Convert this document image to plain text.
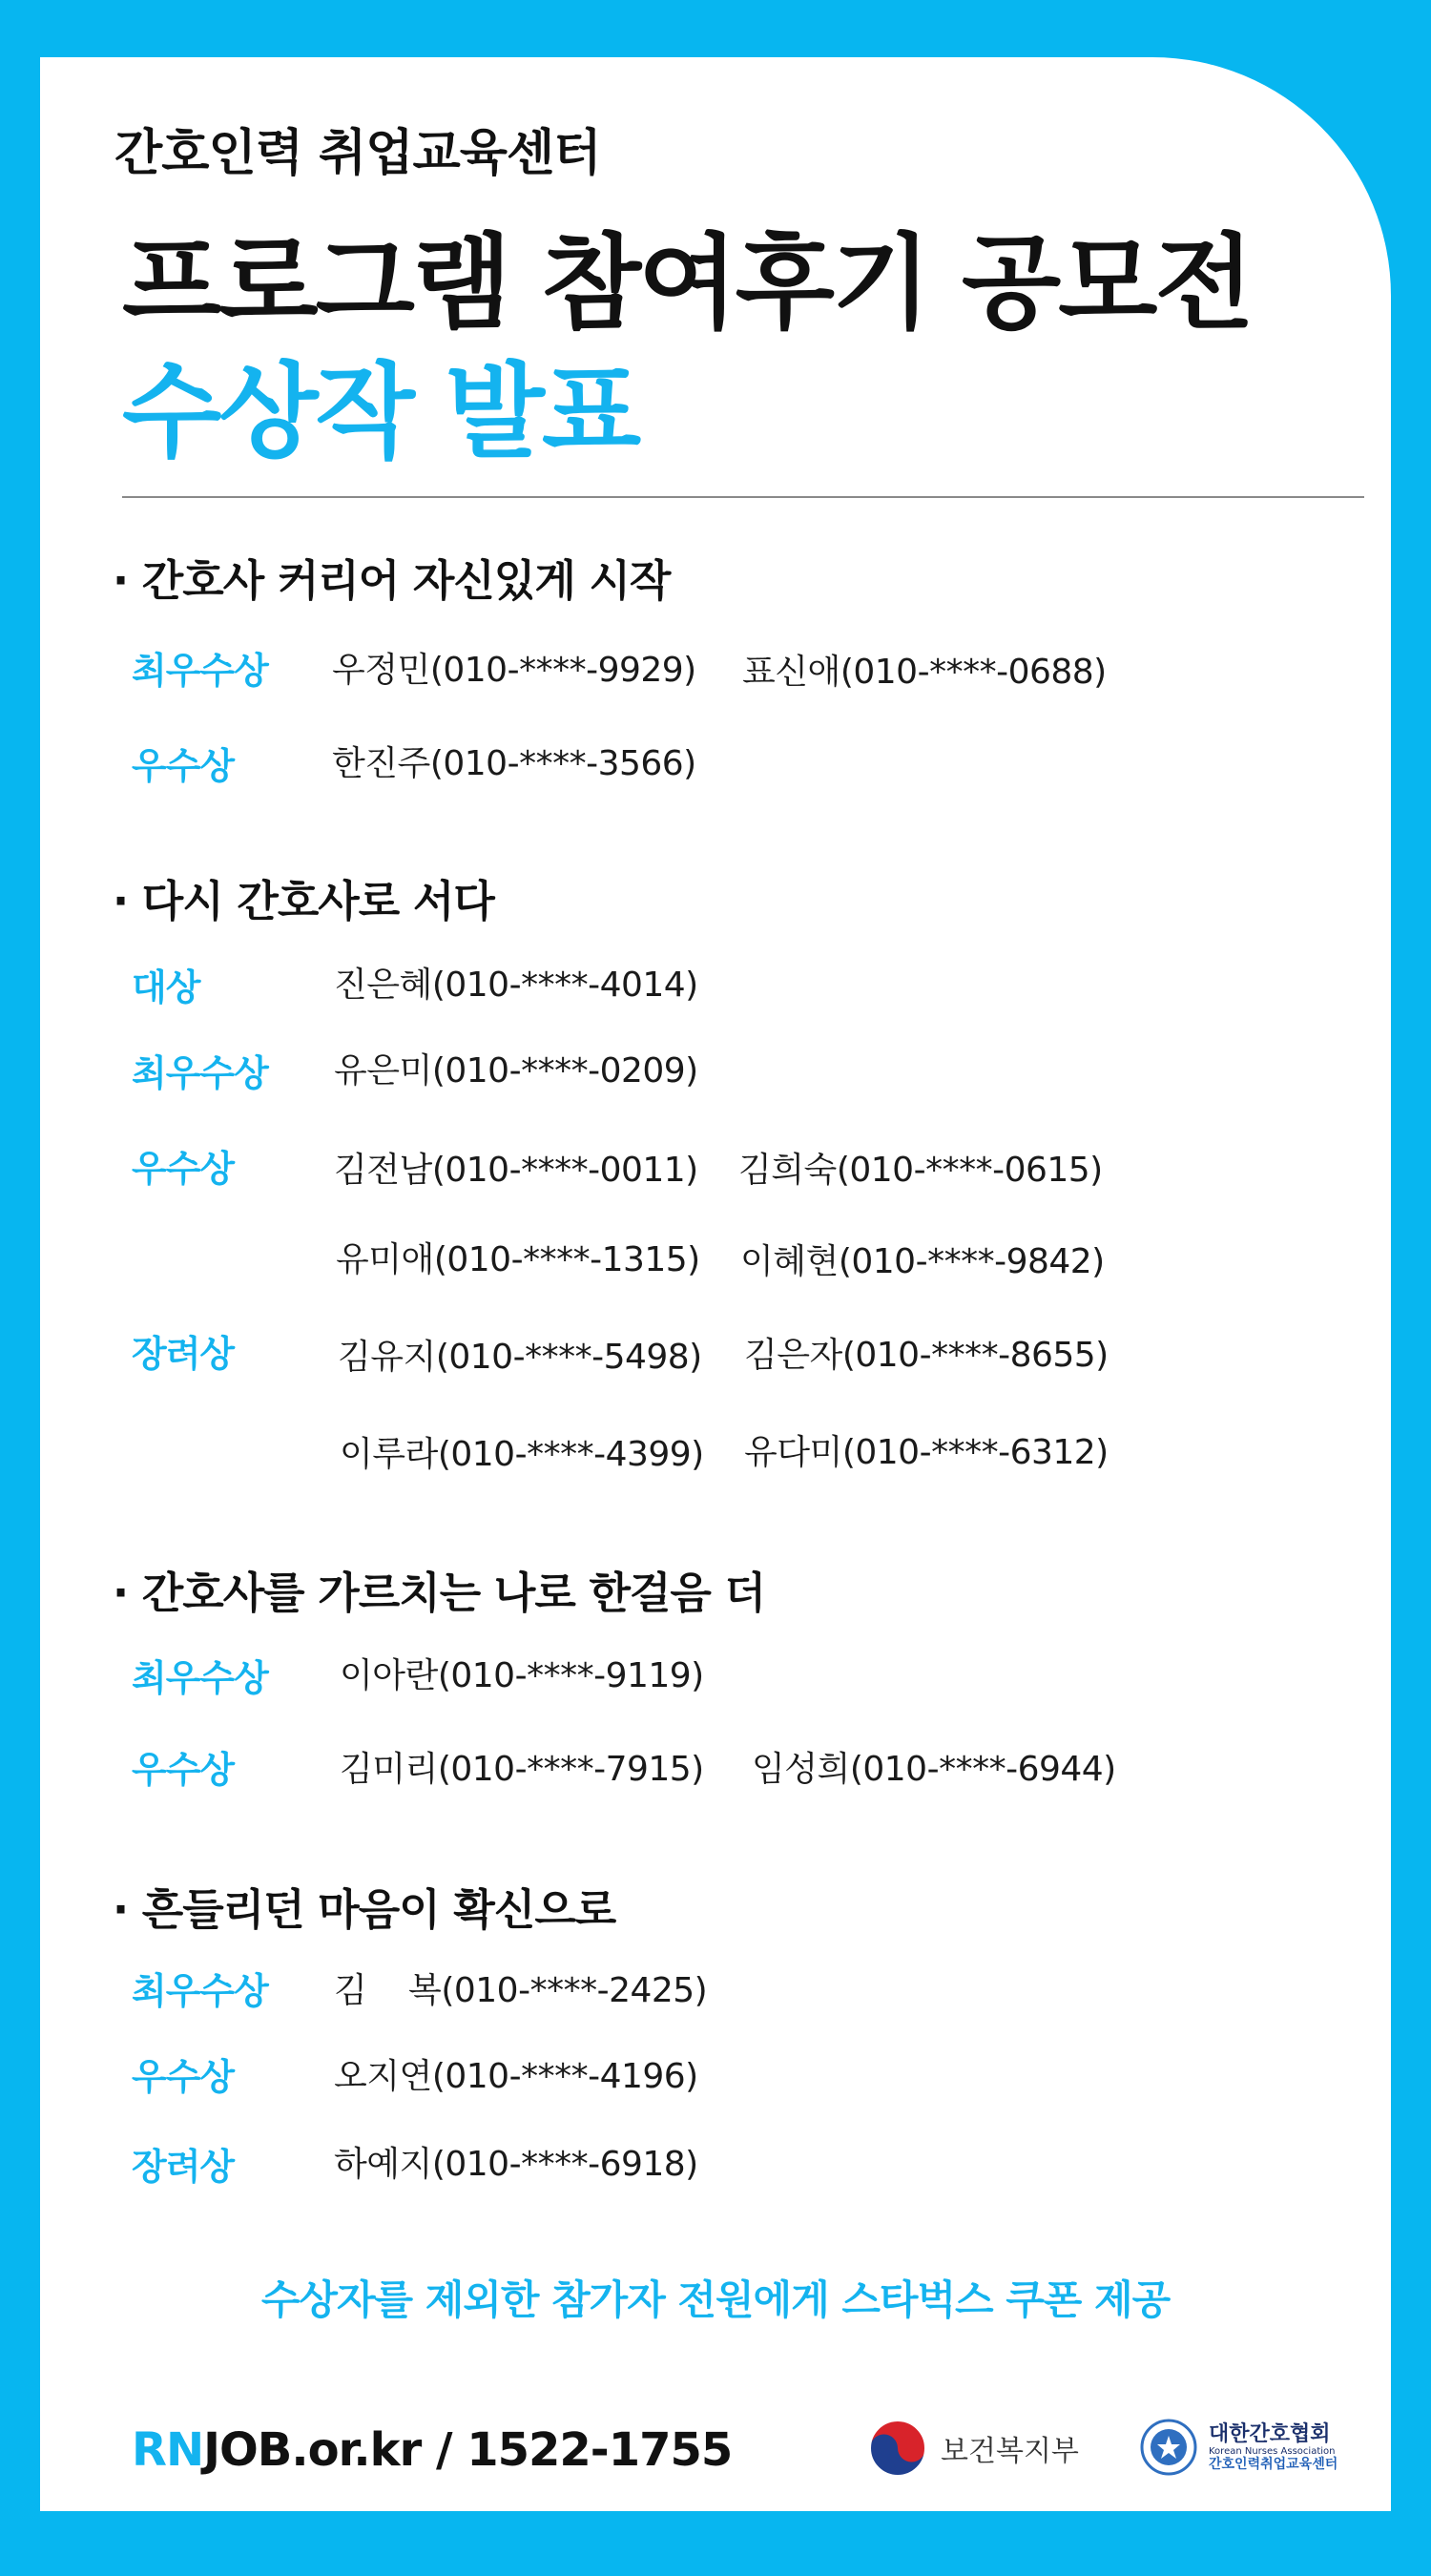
간호인력 취업교육센터
프로그램 참여후기 공모전
수상작 발표
· 간호사 커리어 자신있게 시작
최우수상 우정민(010-****-9929) 표신애(010-****-0688)
우수상	한진주(010-****-3566)
· 다시 간호사로 서다
대상	진은혜(010-****-4014)
최우수상 유은미(010-****-0209)
우수상	김전남(010-****-0011) 김희숙(010-****-0615)
유미애(010-****-1315) 이혜현(010-****-9842)
장려상	김유지(010-****-5498) 김은자(010-****-8655)
이루라(010-****-4399) 유다미(010-****-6312)
· 간호사를 가르치는 나로 한걸음 더
최우수상 이아란(010-****-9119)
우수상	김미리(010-****-7915) 임성희(010-****-6944)
· 흔들리던 마음이 확신으로
최우수상 김    복(010-****-2425)
우수상	오지연(010-****-4196)
장려상	하예지(010-****-6918)
수상자를 제외한 참가자 전원에게 스타벅스 쿠폰 제공
RNJOB.or.kr / 1522-1755	보건복지부
대한간호협회
Korean Nurses Association
간호인력취업교육센터
